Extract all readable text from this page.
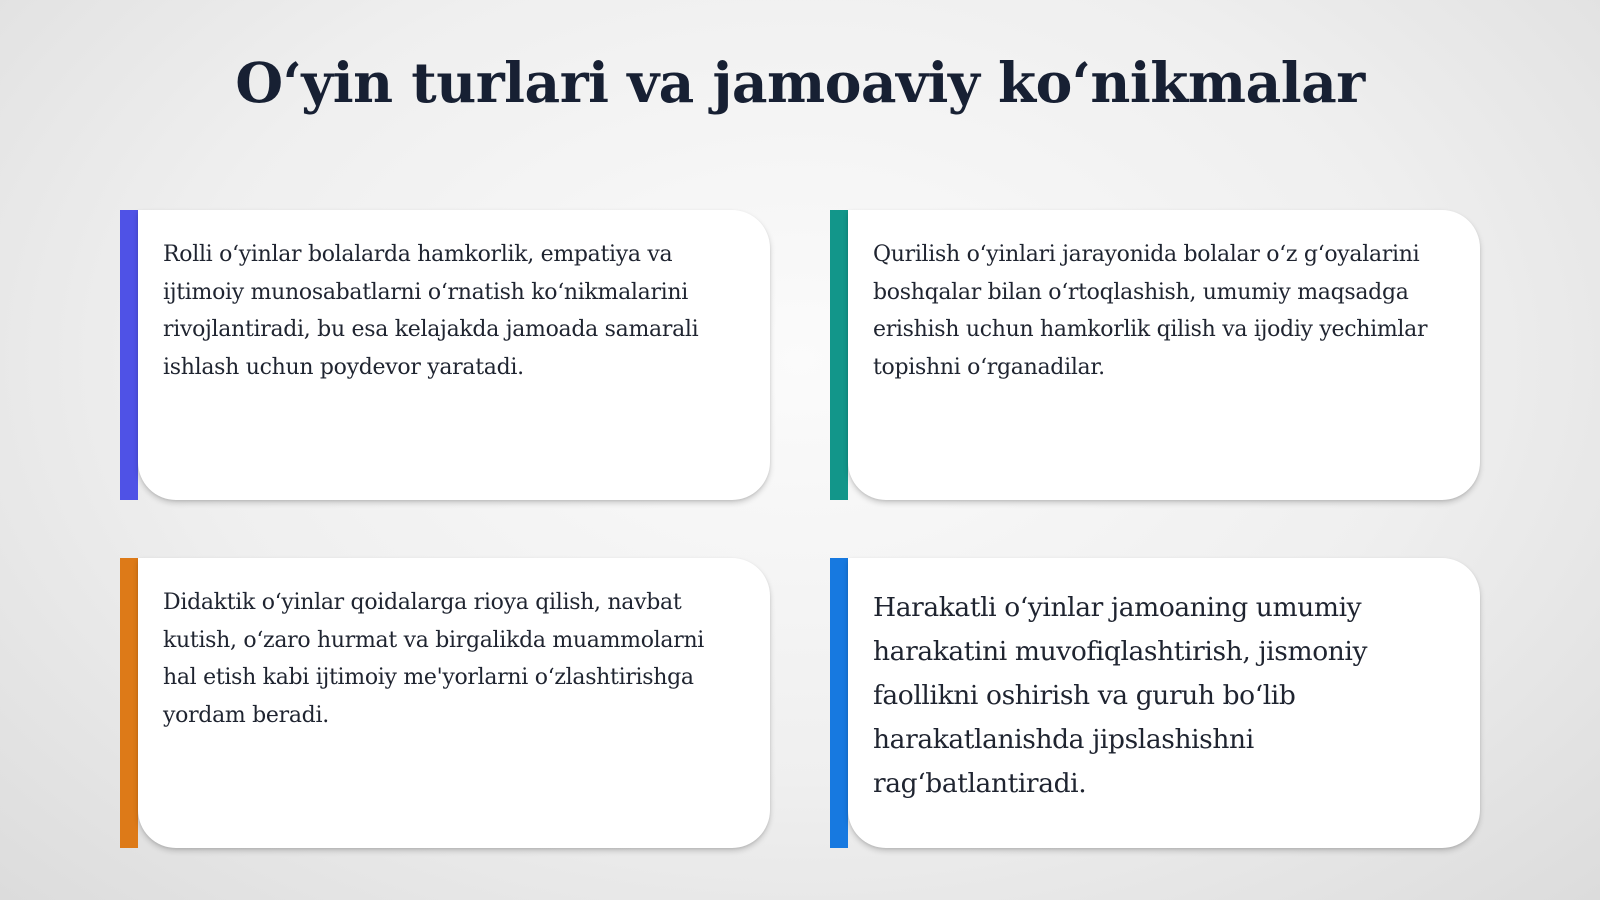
O‘yin turlari va jamoaviy ko‘nikmalar
Rolli o‘yinlar bolalarda hamkorlik, empatiya va ijtimoiy munosabatlarni o‘rnatish ko‘nikmalarini rivojlantiradi, bu esa kelajakda jamoada samarali ishlash uchun poydevor yaratadi.
Qurilish o‘yinlari jarayonida bolalar o‘z g‘oyalarini boshqalar bilan o‘rtoqlashish, umumiy maqsadga erishish uchun hamkorlik qilish va ijodiy yechimlar topishni o‘rganadilar.
Didaktik o‘yinlar qoidalarga rioya qilish, navbat kutish, o‘zaro hurmat va birgalikda muammolarni hal etish kabi ijtimoiy me'yorlarni o‘zlashtirishga yordam beradi.
Harakatli o‘yinlar jamoaning umumiy harakatini muvofiqlashtirish, jismoniy faollikni oshirish va guruh bo‘lib harakatlanishda jipslashishni rag‘batlantiradi.
